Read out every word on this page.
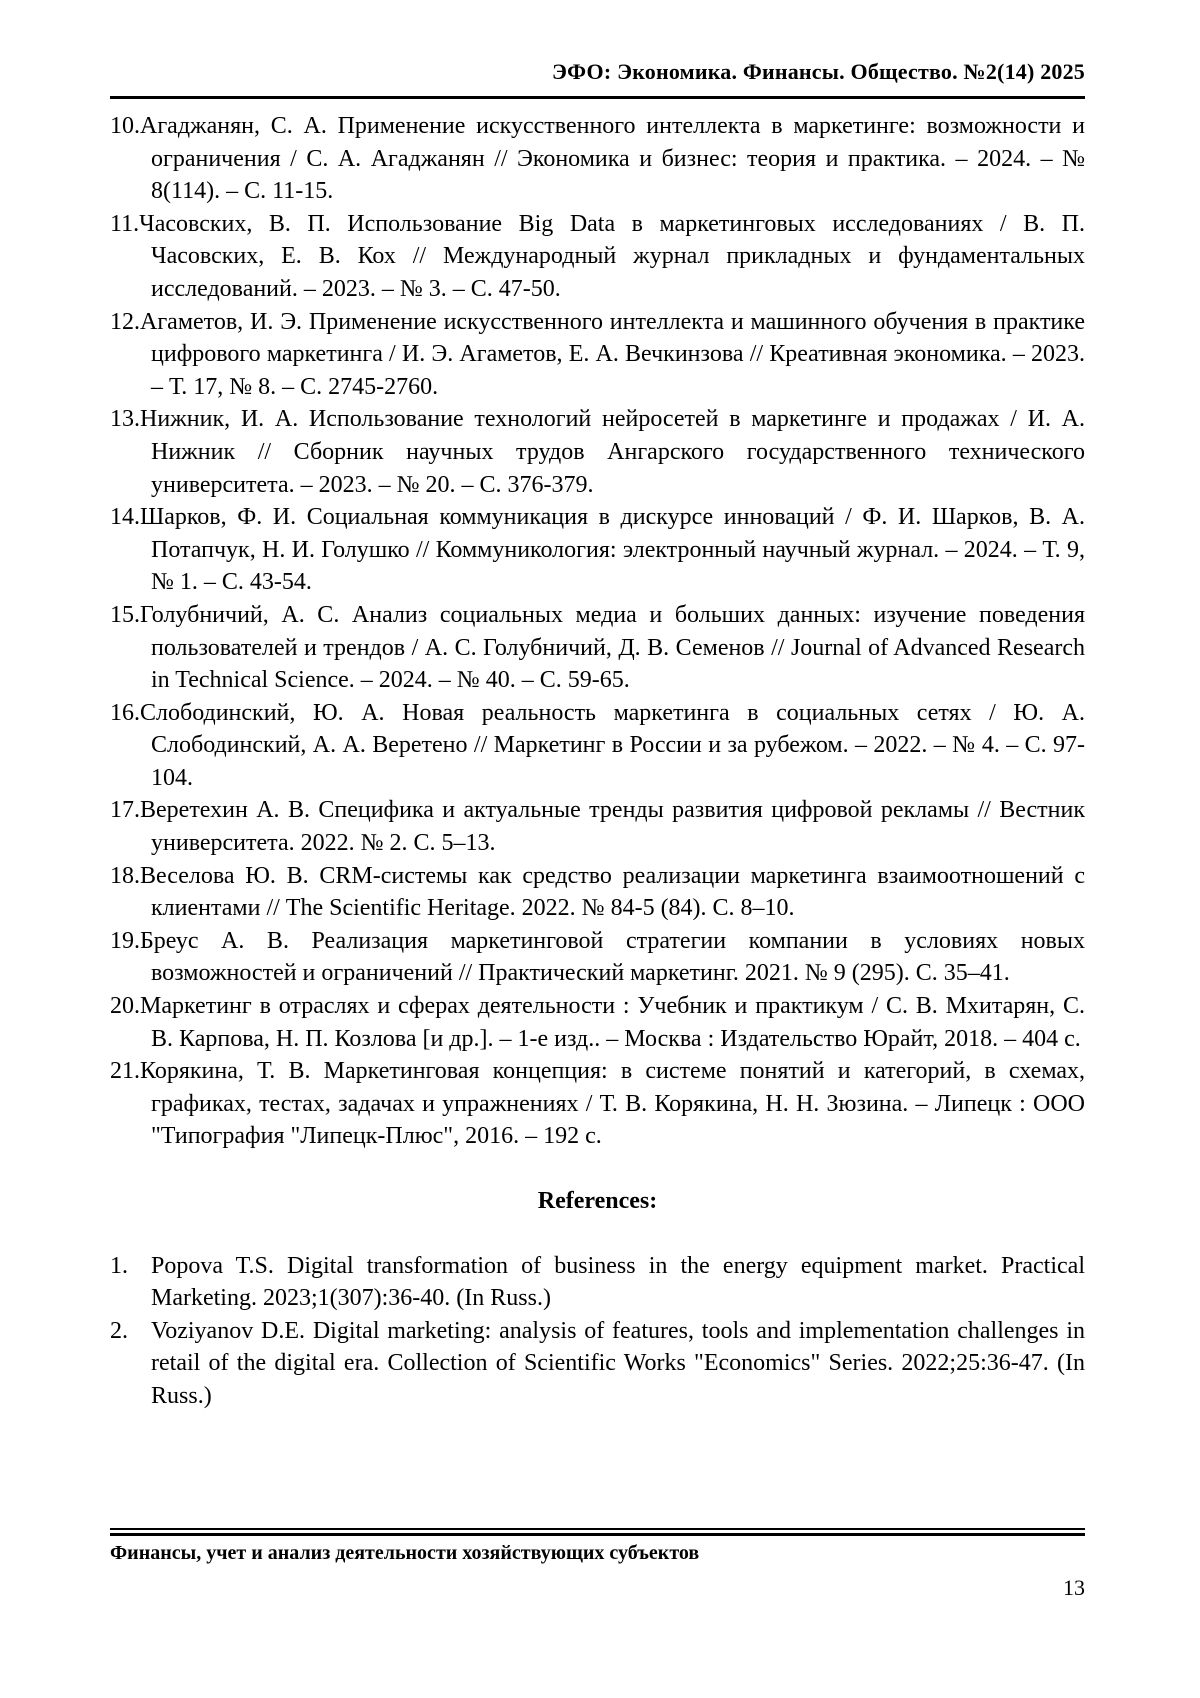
ЭФО: Экономика. Финансы. Общество. №2(14) 2025
10.Агаджанян, С. А. Применение искусственного интеллекта в маркетинге: возможности и ограничения / С. А. Агаджанян // Экономика и бизнес: теория и практика. – 2024. – № 8(114). – С. 11-15.
11.Часовских, В. П. Использование Big Data в маркетинговых исследованиях / В. П. Часовских, Е. В. Кох // Международный журнал прикладных и фундаментальных исследований. – 2023. – № 3. – С. 47-50.
12.Агаметов, И. Э. Применение искусственного интеллекта и машинного обучения в практике цифрового маркетинга / И. Э. Агаметов, Е. А. Вечкинзова // Креативная экономика. – 2023. – Т. 17, № 8. – С. 2745-2760.
13.Нижник, И. А. Использование технологий нейросетей в маркетинге и продажах / И. А. Нижник // Сборник научных трудов Ангарского государственного технического университета. – 2023. – № 20. – С. 376-379.
14.Шарков, Ф. И. Социальная коммуникация в дискурсе инноваций / Ф. И. Шарков, В. А. Потапчук, Н. И. Голушко // Коммуникология: электронный научный журнал. – 2024. – Т. 9, № 1. – С. 43-54.
15.Голубничий, А. С. Анализ социальных медиа и больших данных: изучение поведения пользователей и трендов / А. С. Голубничий, Д. В. Семенов // Journal of Advanced Research in Technical Science. – 2024. – № 40. – С. 59-65.
16.Слободинский, Ю. А. Новая реальность маркетинга в социальных сетях / Ю. А. Слободинский, А. А. Веретено // Маркетинг в России и за рубежом. – 2022. – № 4. – С. 97-104.
17.Веретехин А. В. Специфика и актуальные тренды развития цифровой рекламы // Вестник университета. 2022. № 2. С. 5–13.
18.Веселова Ю. В. CRM-системы как средство реализации маркетинга взаимоотношений с клиентами // The Scientific Heritage. 2022. № 84-5 (84). С. 8–10.
19.Бреус А. В. Реализация маркетинговой стратегии компании в условиях новых возможностей и ограничений // Практический маркетинг. 2021. № 9 (295). С. 35–41.
20.Маркетинг в отраслях и сферах деятельности : Учебник и практикум / С. В. Мхитарян, С. В. Карпова, Н. П. Козлова [и др.]. – 1-е изд.. – Москва : Издательство Юрайт, 2018. – 404 с.
21.Корякина, Т. В. Маркетинговая концепция: в системе понятий и категорий, в схемах, графиках, тестах, задачах и упражнениях / Т. В. Корякина, Н. Н. Зюзина. – Липецк : ООО "Типография "Липецк-Плюс", 2016. – 192 с.
References:
1. Popova T.S. Digital transformation of business in the energy equipment market. Practical Marketing. 2023;1(307):36-40. (In Russ.)
2. Voziyanov D.E. Digital marketing: analysis of features, tools and implementation challenges in retail of the digital era. Collection of Scientific Works "Economics" Series. 2022;25:36-47. (In Russ.)
Финансы, учет и анализ деятельности хозяйствующих субъектов
13
